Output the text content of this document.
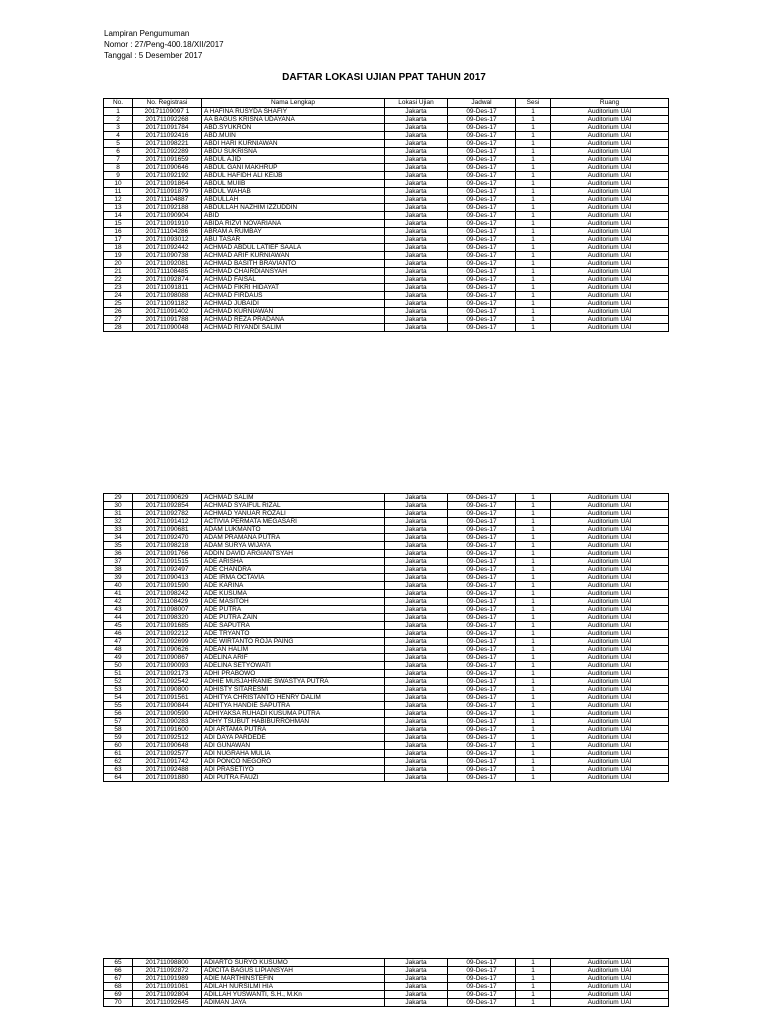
Lampiran Pengumuman
Nomor : 27/Peng-400.18/XII/2017
Tanggal : 5 Desember 2017
DAFTAR LOKASI UJIAN PPAT TAHUN 2017
No.	No. Registrasi	Nama Lengkap	Lokasi Ujian	Jadwal	Sesi	Ruang
1	20171109097 1	A HAFINA RUSYDA SHAFIY	Jakarta	09-Des-17	1	Auditorium UAI
2	201711092268	AA BAGUS KRISNA UDAYANA	Jakarta	09-Des-17	1	Auditorium UAI
3	201711091784	ABD.SYUKRON	Jakarta	09-Des-17	1	Auditorium UAI
4	201711092416	ABD.MUIN	Jakarta	09-Des-17	1	Auditorium UAI
5	201711098221	ABDI HARI KURNIAWAN	Jakarta	09-Des-17	1	Auditorium UAI
6	201711092289	ABDU SUKRISNA	Jakarta	09-Des-17	1	Auditorium UAI
7	201711091659	ABDUL AJID	Jakarta	09-Des-17	1	Auditorium UAI
8	201711090646	ABDUL GANI MAKHRUP	Jakarta	09-Des-17	1	Auditorium UAI
9	201711092192	ABDUL HAFIDH ALI KEIJB	Jakarta	09-Des-17	1	Auditorium UAI
10	201711091864	ABDUL MUIIB	Jakarta	09-Des-17	1	Auditorium UAI
11	201711091879	ABDUL WAHAB	Jakarta	09-Des-17	1	Auditorium UAI
12	201711104887	ABDULLAH	Jakarta	09-Des-17	1	Auditorium UAI
13	201711092188	ABDULLAH NAZHIM IZZUDDIN	Jakarta	09-Des-17	1	Auditorium UAI
14	201711090904	ABID	Jakarta	09-Des-17	1	Auditorium UAI
15	201711091910	ABIDA RIZVI NOVARIANA	Jakarta	09-Des-17	1	Auditorium UAI
16	201711104286	ABRAM A RUMBAY	Jakarta	09-Des-17	1	Auditorium UAI
17	201711093012	ABU TASAR	Jakarta	09-Des-17	1	Auditorium UAI
18	201711092442	ACHMAD ABDUL LATIEF SAALA	Jakarta	09-Des-17	1	Auditorium UAI
19	201711090738	ACHMAD ARIF KURNIAWAN	Jakarta	09-Des-17	1	Auditorium UAI
20	201711092081	ACHMAD BASITH BRAVIANTO	Jakarta	09-Des-17	1	Auditorium UAI
21	201711108485	ACHMAD CHAIRDIANSYAH	Jakarta	09-Des-17	1	Auditorium UAI
22	201711092874	ACHMAD FAISAL	Jakarta	09-Des-17	1	Auditorium UAI
23	201711091811	ACHMAD FIKRI HIDAYAT	Jakarta	09-Des-17	1	Auditorium UAI
24	201711098088	ACHMAD FIRDAUS	Jakarta	09-Des-17	1	Auditorium UAI
25	201711091182	ACHMAD JUBAIDI	Jakarta	09-Des-17	1	Auditorium UAI
26	201711091402	ACHMAD KURNIAWAN	Jakarta	09-Des-17	1	Auditorium UAI
27	201711091788	ACHMAD REZA PRADANA	Jakarta	09-Des-17	1	Auditorium UAI
28	201711090048	ACHMAD RIYANDI SALIM	Jakarta	09-Des-17	1	Auditorium UAI
29	201711090629	ACHMAD SALIM	Jakarta	09-Des-17	1	Auditorium UAI
30	201711092854	ACHMAD SYAIFUL RIZAL	Jakarta	09-Des-17	1	Auditorium UAI
31	201711092782	ACHMAD YANUAR ROZALI	Jakarta	09-Des-17	1	Auditorium UAI
32	201711091412	ACTIVIA PERMATA MEGASARI	Jakarta	09-Des-17	1	Auditorium UAI
33	201711090681	ADAM LUKMANTO	Jakarta	09-Des-17	1	Auditorium UAI
34	201711092470	ADAM PRAMANA PUTRA	Jakarta	09-Des-17	1	Auditorium UAI
35	201711098218	ADAM SURYA WIJAYA	Jakarta	09-Des-17	1	Auditorium UAI
36	201711091766	ADDIN DAVID ARGIANTSYAH	Jakarta	09-Des-17	1	Auditorium UAI
37	201711091515	ADE ARISHA	Jakarta	09-Des-17	1	Auditorium UAI
38	201711092497	ADE CHANDRA	Jakarta	09-Des-17	1	Auditorium UAI
39	201711090413	ADE IRMA OCTAVIA	Jakarta	09-Des-17	1	Auditorium UAI
40	201711091590	ADE KARINA	Jakarta	09-Des-17	1	Auditorium UAI
41	201711098242	ADE KUSUMA	Jakarta	09-Des-17	1	Auditorium UAI
42	201711108429	ADE MASITOH	Jakarta	09-Des-17	1	Auditorium UAI
43	201711098007	ADE PUTRA	Jakarta	09-Des-17	1	Auditorium UAI
44	201711098320	ADE PUTRA ZAIN	Jakarta	09-Des-17	1	Auditorium UAI
45	201711091685	ADE SAPUTRA	Jakarta	09-Des-17	1	Auditorium UAI
46	201711092212	ADE TRYANTO	Jakarta	09-Des-17	1	Auditorium UAI
47	201711092699	ADE WIRTANTO ROJA PAING	Jakarta	09-Des-17	1	Auditorium UAI
48	201711090626	ADEAN HALIM	Jakarta	09-Des-17	1	Auditorium UAI
49	201711090867	ADELINA ARIF	Jakarta	09-Des-17	1	Auditorium UAI
50	201711090093	ADELINA SETYOWATI	Jakarta	09-Des-17	1	Auditorium UAI
51	201711092173	ADHI PRABOWO	Jakarta	09-Des-17	1	Auditorium UAI
52	201711092542	ADHIE MUSJAHRANIE SWASTYA PUTRA	Jakarta	09-Des-17	1	Auditorium UAI
53	201711090800	ADHISTY SITARESMI	Jakarta	09-Des-17	1	Auditorium UAI
54	201711091561	ADHITYA CHRISTANTO HENRY DALIM	Jakarta	09-Des-17	1	Auditorium UAI
55	201711090844	ADHITYA HANDIE SAPUTRA	Jakarta	09-Des-17	1	Auditorium UAI
56	201711090590	ADHIYAKSA RUHADI KUSUMA PUTRA	Jakarta	09-Des-17	1	Auditorium UAI
57	201711090283	ADHY TSUBUT HABIBURROHMAN	Jakarta	09-Des-17	1	Auditorium UAI
58	201711091600	ADI ARTAMA PUTRA	Jakarta	09-Des-17	1	Auditorium UAI
59	201711092512	ADI DAYA PARDEDE	Jakarta	09-Des-17	1	Auditorium UAI
60	201711090648	ADI GUNAWAN	Jakarta	09-Des-17	1	Auditorium UAI
61	201711092577	ADI NUGRAHA MULIA	Jakarta	09-Des-17	1	Auditorium UAI
62	201711091742	ADI PONCO NEGORO	Jakarta	09-Des-17	1	Auditorium UAI
63	201711092488	ADI PRASETIYO	Jakarta	09-Des-17	1	Auditorium UAI
64	201711091880	ADI PUTRA FAUZI	Jakarta	09-Des-17	1	Auditorium UAI
65	201711098800	ADIARTO SURYO KUSUMO	Jakarta	09-Des-17	1	Auditorium UAI
66	201711092872	ADICITA BAGUS LIPIANSYAH	Jakarta	09-Des-17	1	Auditorium UAI
67	201711091989	ADIE MARTHINSTEFIN	Jakarta	09-Des-17	1	Auditorium UAI
68	201711091061	ADILAH NURSILMI HIA	Jakarta	09-Des-17	1	Auditorium UAI
69	201711092804	ADILLAH YUSWANTI, S.H., M.Kn	Jakarta	09-Des-17	1	Auditorium UAI
70	201711092645	ADIMAN JAYA	Jakarta	09-Des-17	1	Auditorium UAI
